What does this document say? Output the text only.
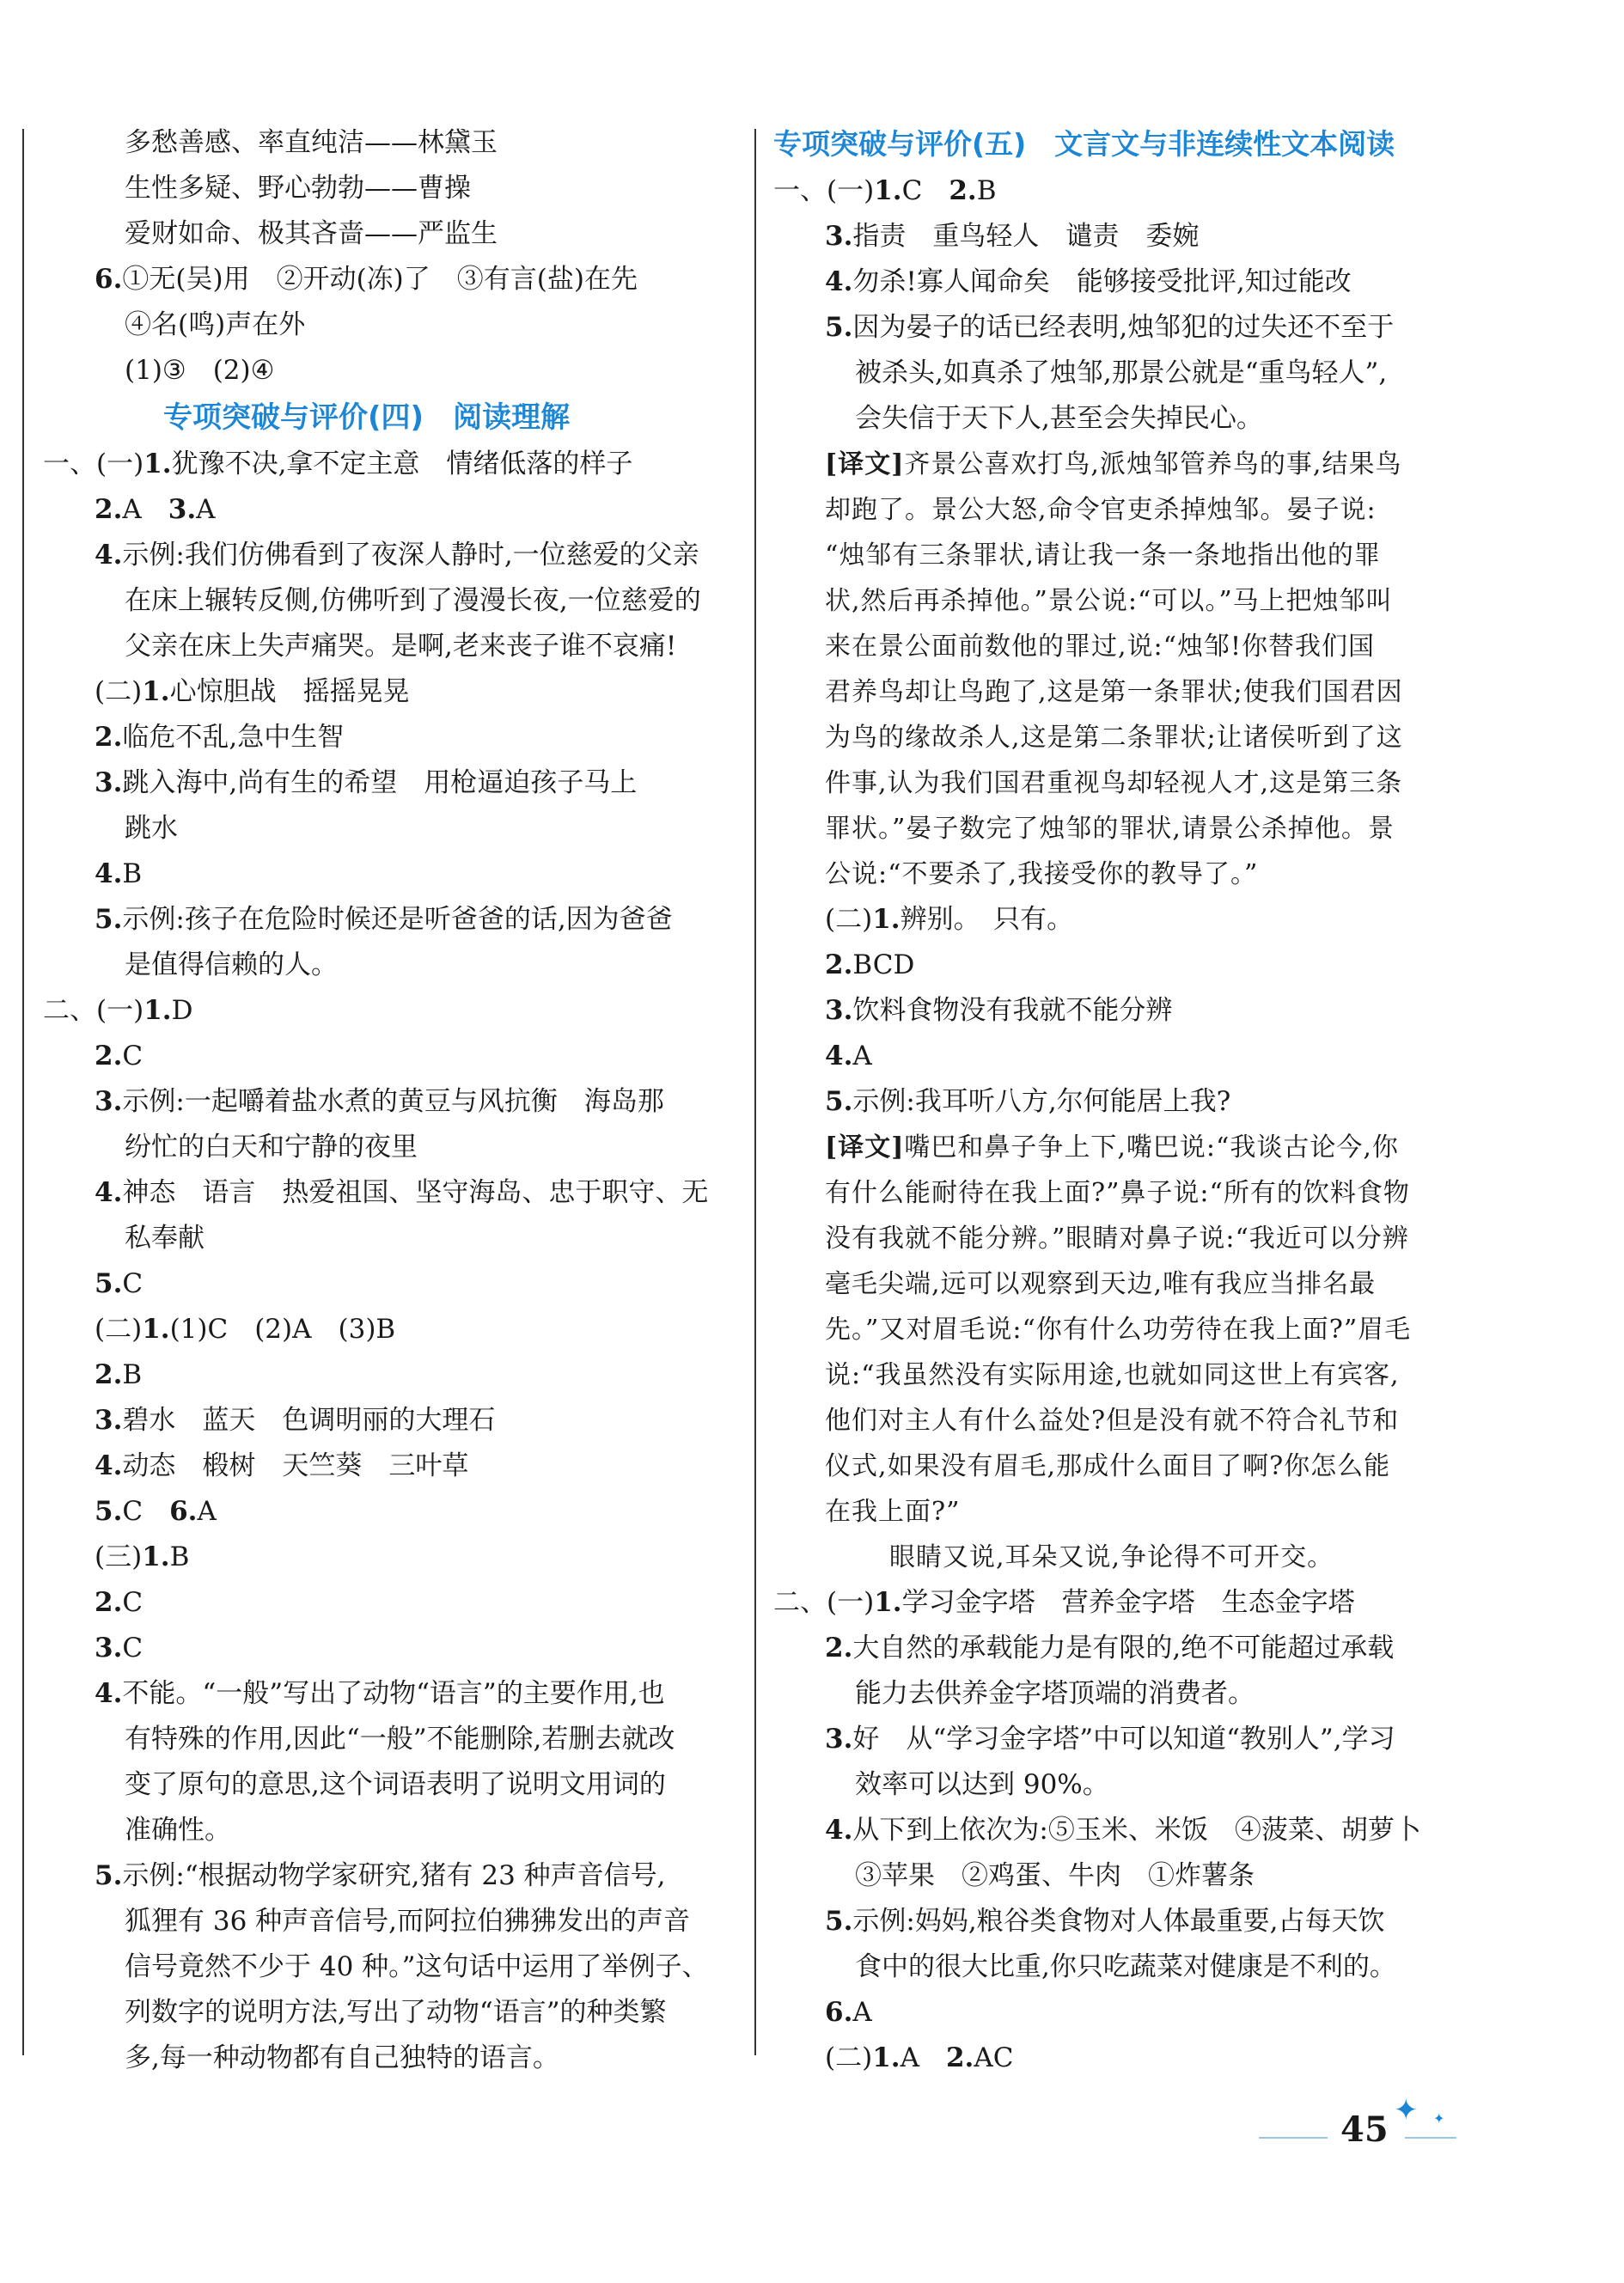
多愁善感、率直纯洁——林黛玉
生性多疑、野心勃勃——曹操
爱财如命、极其吝啬——严监生
6.①无(吴)用　②开动(冻)了　③有言(盐)在先
④名(鸣)声在外
(1)③　(2)④
专项突破与评价(四)　阅读理解
一、(一)1.犹豫不决,拿不定主意　情绪低落的样子
2.A　 3.A
4.示例:我们仿佛看到了夜深人静时,一位慈爱的父亲
在床上辗转反侧,仿佛听到了漫漫长夜,一位慈爱的
父亲在床上失声痛哭。是啊,老来丧子谁不哀痛!
(二)1.心惊胆战　摇摇晃晃
2.临危不乱,急中生智
3.跳入海中,尚有生的希望　用枪逼迫孩子马上
跳水
4.B
5.示例:孩子在危险时候还是听爸爸的话,因为爸爸
是值得信赖的人。
二、(一)1.D
2.C
3.示例:一起嚼着盐水煮的黄豆与风抗衡　海岛那
纷忙的白天和宁静的夜里
4.神态　语言　热爱祖国、坚守海岛、忠于职守、无
私奉献
5.C
(二)1.(1)C　(2)A　(3)B
2.B
3.碧水　蓝天　色调明丽的大理石
4.动态　椴树　天竺葵　三叶草
5.C　 6.A
(三)1.B
2.C
3.C
4.不能。“一般”写出了动物“语言”的主要作用,也
有特殊的作用,因此“一般”不能删除,若删去就改
变了原句的意思,这个词语表明了说明文用词的
准确性。
5.示例:“根据动物学家研究,猪有 23 种声音信号,
狐狸有 36 种声音信号,而阿拉伯狒狒发出的声音
信号竟然不少于 40 种。”这句话中运用了举例子、
列数字的说明方法,写出了动物“语言”的种类繁
多,每一种动物都有自己独特的语言。
专项突破与评价(五)　文言文与非连续性文本阅读
一、(一)1.C　 2.B
3.指责　重鸟轻人　谴责　委婉
4.勿杀!寡人闻命矣　能够接受批评,知过能改
5.因为晏子的话已经表明,烛邹犯的过失还不至于
被杀头,如真杀了烛邹,那景公就是“重鸟轻人”,
会失信于天下人,甚至会失掉民心。
[译文]齐景公喜欢打鸟,派烛邹管养鸟的事,结果鸟
却跑了。景公大怒,命令官吏杀掉烛邹。晏子说:
“烛邹有三条罪状,请让我一条一条地指出他的罪
状,然后再杀掉他。”景公说:“可以。”马上把烛邹叫
来在景公面前数他的罪过,说:“烛邹!你替我们国
君养鸟却让鸟跑了,这是第一条罪状;使我们国君因
为鸟的缘故杀人,这是第二条罪状;让诸侯听到了这
件事,认为我们国君重视鸟却轻视人才,这是第三条
罪状。”晏子数完了烛邹的罪状,请景公杀掉他。景
公说:“不要杀了,我接受你的教导了。”
(二)1.辨别。　只有。
2.BCD
3.饮料食物没有我就不能分辨
4.A
5.示例:我耳听八方,尔何能居上我?
[译文]嘴巴和鼻子争上下,嘴巴说:“我谈古论今,你
有什么能耐待在我上面?”鼻子说:“所有的饮料食物
没有我就不能分辨。”眼睛对鼻子说:“我近可以分辨
毫毛尖端,远可以观察到天边,唯有我应当排名最
先。”又对眉毛说:“你有什么功劳待在我上面?”眉毛
说:“我虽然没有实际用途,也就如同这世上有宾客,
他们对主人有什么益处?但是没有就不符合礼节和
仪式,如果没有眉毛,那成什么面目了啊?你怎么能
在我上面?”
眼睛又说,耳朵又说,争论得不可开交。
二、(一)1.学习金字塔　营养金字塔　生态金字塔
2.大自然的承载能力是有限的,绝不可能超过承载
能力去供养金字塔顶端的消费者。
3.好　从“学习金字塔”中可以知道“教别人”,学习
效率可以达到 90%。
4.从下到上依次为:⑤玉米、米饭　④菠菜、胡萝卜
③苹果　②鸡蛋、牛肉　①炸薯条
5.示例:妈妈,粮谷类食物对人体最重要,占每天饮
食中的很大比重,你只吃蔬菜对健康是不利的。
6.A
(二)1.A　 2.AC
45 ✦ ✦
